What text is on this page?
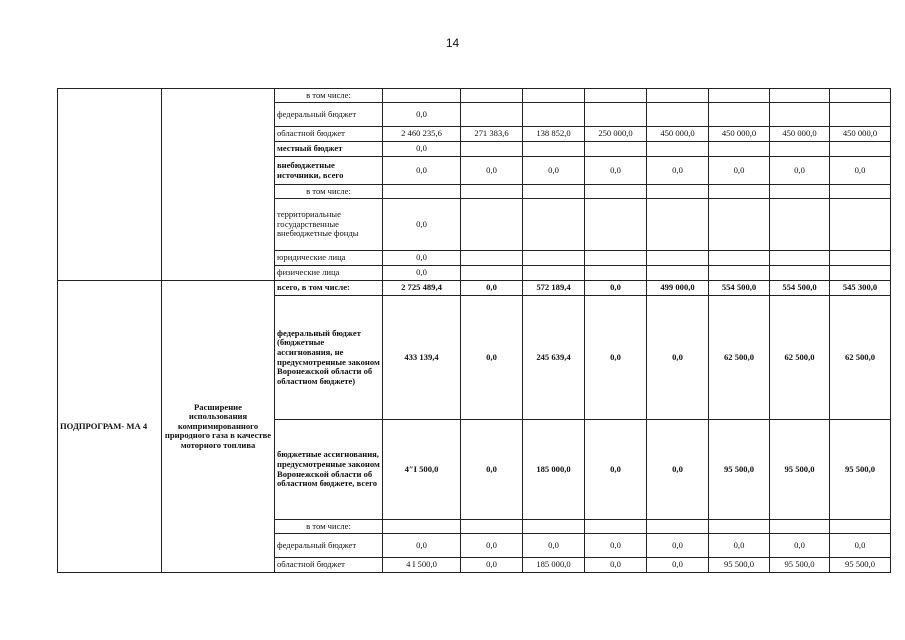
14
		в том числе:								
		федеральный бюджет	0,0							
		областной бюджет	2 460 235,6	271 383,6	138 852,0	250 000,0	450 000,0	450 000,0	450 000,0	450 000,0
		местный бюджет	0,0							
		внебюджетные источники, всего	0,0	0,0	0,0	0,0	0,0	0,0	0,0	0,0
		в том числе:								
		территориальные государственные внебюджетные фонды	0,0							
		юридические лица	0,0							
		физические лица	0,0							
ПОДПРОГРАМ- МА 4	Расширение использования компримированного природного газа в качестве моторного топлива	всего, в том числе:	2 725 489,4	0,0	572 189,4	0,0	499 000,0	554 500,0	554 500,0	545 300,0
		федеральный бюджет (бюджетные ассигнования, не предусмотренные законом Воронежской области об областном бюджете)	433 139,4	0,0	245 639,4	0,0	0,0	62 500,0	62 500,0	62 500,0
		бюджетные ассигнования, предусмотренные законом Воронежской области об областном бюджете, всего	4″I 500,0	0,0	185 000,0	0,0	0,0	95 500,0	95 500,0	95 500,0
		в том числе:								
		федеральный бюджет	0,0	0,0	0,0	0,0	0,0	0,0	0,0	0,0
		областной бюджет	4 I 500,0	0,0	185 000,0	0,0	0,0	95 500,0	95 500,0	95 500,0
